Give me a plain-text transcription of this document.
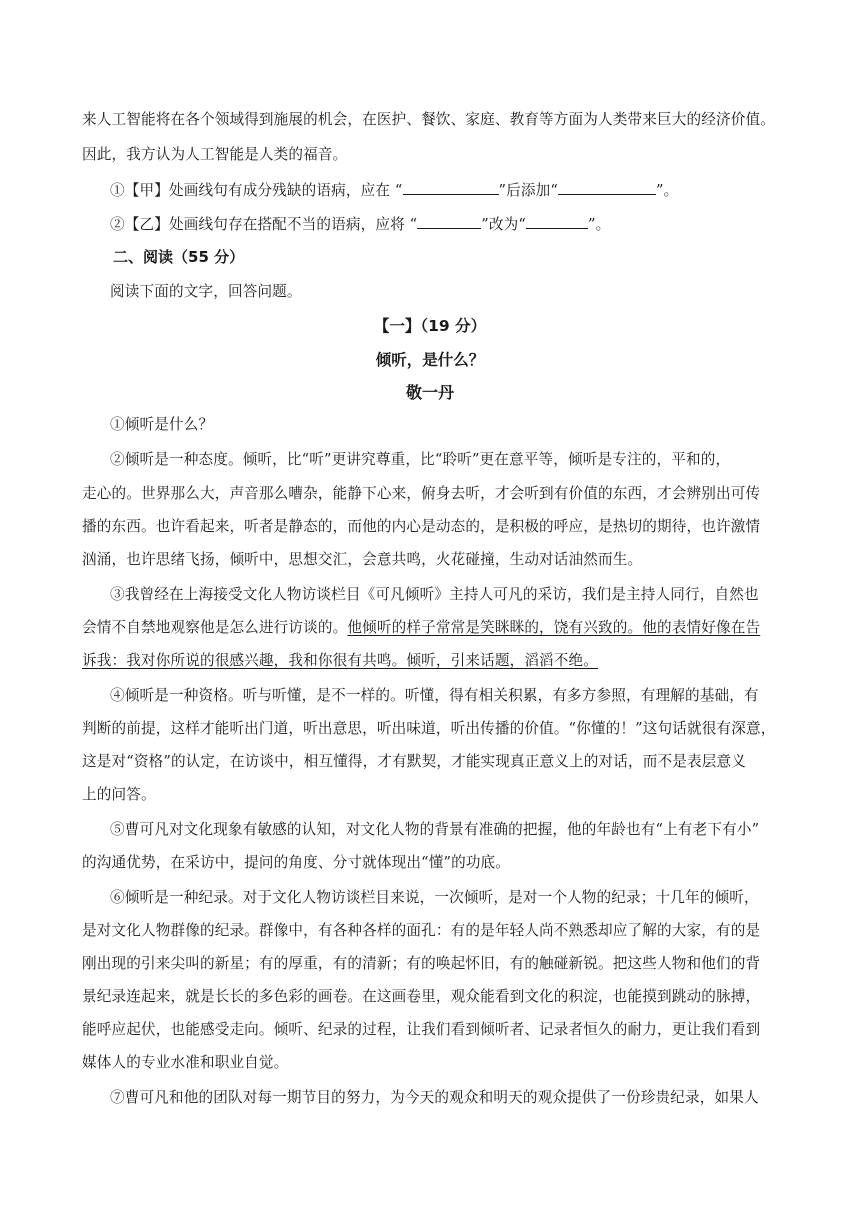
来人工智能将在各个领域得到施展的机会，在医护、餐饮、家庭、教育等方面为人类带来巨大的经济价值。
因此，我方认为人工智能是人类的福音。
①【甲】处画线句有成分残缺的语病，应在 “	”后添加“	”。
②【乙】处画线句存在搭配不当的语病，应将 “	”改为“	”。
二、阅读（55 分）
阅读下面的文字，回答问题。
【一】（19 分）
倾听，是什么？
敬一丹
①倾听是什么？
②倾听是一种态度。倾听，比“听”更讲究尊重，比“聆听”更在意平等，倾听是专注的，平和的，
走心的。世界那么大，声音那么嘈杂，能静下心来，俯身去听，才会听到有价值的东西，才会辨别出可传
播的东西。也许看起来，听者是静态的，而他的内心是动态的，是积极的呼应，是热切的期待，也许激情
汹涌，也许思绪飞扬，倾听中，思想交汇，会意共鸣，火花碰撞，生动对话油然而生。
③我曾经在上海接受文化人物访谈栏目《可凡倾听》主持人可凡的采访，我们是主持人同行，自然也
会情不自禁地观察他是怎么进行访谈的。他倾听的样子常常是笑眯眯的，饶有兴致的。他的表情好像在告
诉我：我对你所说的很感兴趣，我和你很有共鸣。倾听，引来话题，滔滔不绝。
④倾听是一种资格。听与听懂，是不一样的。听懂，得有相关积累，有多方参照，有理解的基础，有
判断的前提，这样才能听出门道，听出意思，听出味道，听出传播的价值。“你懂的！”这句话就很有深意，
这是对“资格”的认定，在访谈中，相互懂得，才有默契，才能实现真正意义上的对话，而不是表层意义
上的问答。
⑤曹可凡对文化现象有敏感的认知，对文化人物的背景有准确的把握，他的年龄也有“上有老下有小”
的沟通优势，在采访中，提问的角度、分寸就体现出“懂”的功底。
⑥倾听是一种纪录。对于文化人物访谈栏目来说，一次倾听，是对一个人物的纪录；十几年的倾听，
是对文化人物群像的纪录。群像中，有各种各样的面孔：有的是年轻人尚不熟悉却应了解的大家，有的是
刚出现的引来尖叫的新星；有的厚重，有的清新；有的唤起怀旧，有的触碰新锐。把这些人物和他们的背
景纪录连起来，就是长长的多色彩的画卷。在这画卷里，观众能看到文化的积淀，也能摸到跳动的脉搏，
能呼应起伏，也能感受走向。倾听、纪录的过程，让我们看到倾听者、记录者恒久的耐力，更让我们看到
媒体人的专业水准和职业自觉。
⑦曹可凡和他的团队对每一期节目的努力，为今天的观众和明天的观众提供了一份珍贵纪录，如果人
